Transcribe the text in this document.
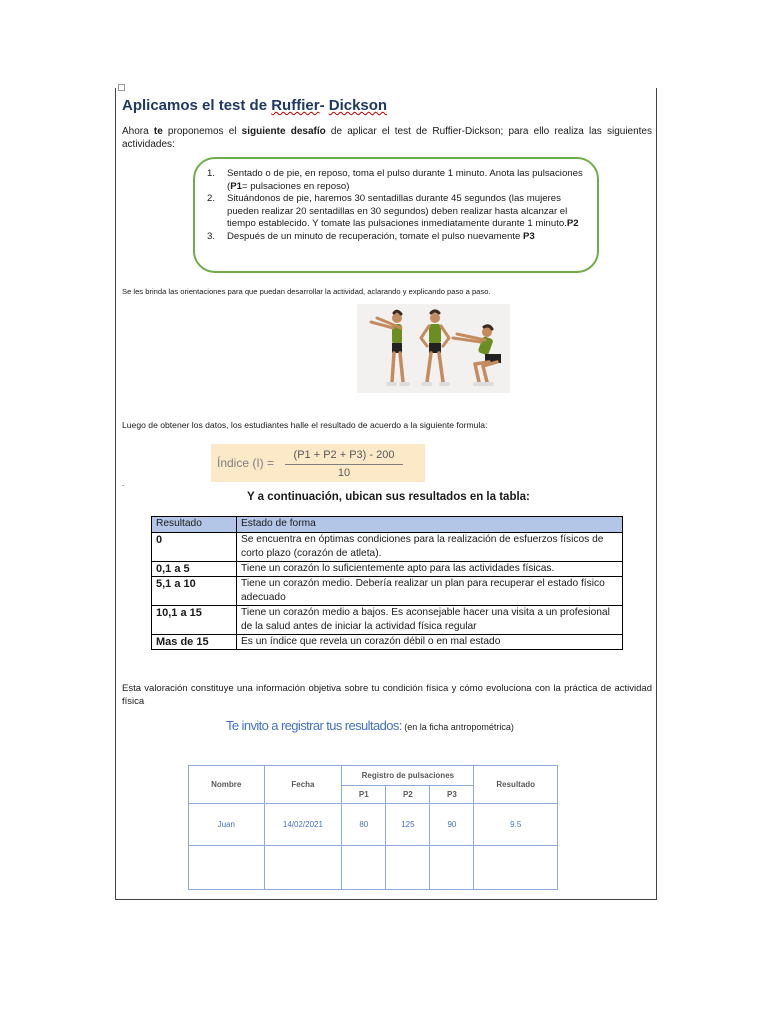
Aplicamos el test de Ruffier- Dickson
Ahora te proponemos el siguiente desafío de aplicar el test de Ruffier-Dickson; para ello realiza las siguientes actividades:
1. Sentado o de pie, en reposo, toma el pulso durante 1 minuto. Anota las pulsaciones (P1= pulsaciones en reposo)
2. Situándonos de pie, haremos 30 sentadillas durante 45 segundos (las mujeres pueden realizar 20 sentadillas en 30 segundos) deben realizar hasta alcanzar el tiempo establecido. Y tomate las pulsaciones inmediatamente durante 1 minuto.P2
3. Después de un minuto de recuperación, tomate el pulso nuevamente P3
Se les brinda las orientaciones para que puedan desarrollar la actividad, aclarando y explicando paso a paso.
Luego de obtener los datos, los estudiantes halle el resultado de acuerdo a la siguiente formula:
Índice (I) =
(P1 + P2 + P3) - 200
10
.
Y a continuación, ubican sus resultados en la tabla:
Resultado	Estado de forma
0	Se encuentra en óptimas condiciones para la realización de esfuerzos físicos de corto plazo (corazón de atleta).
0,1 a 5	Tiene un corazón lo suficientemente apto para las actividades físicas.
5,1 a 10	Tiene un corazón medio. Debería realizar un plan para recuperar el estado físico adecuado
10,1 a 15	Tiene un corazón medio a bajos. Es aconsejable hacer una visita a un profesional de la salud antes de iniciar la actividad física regular
Mas de 15	Es un índice que revela un corazón débil o en mal estado
Esta valoración constituye una información objetiva sobre tu condición física y cómo evoluciona con la práctica de actividad física
Te invito a registrar tus resultados: (en la ficha antropométrica)
Nombre	Fecha	Registro de pulsaciones			Resultado
		P1	P2	P3	
Juan	14/02/2021	80	125	90	9.5
